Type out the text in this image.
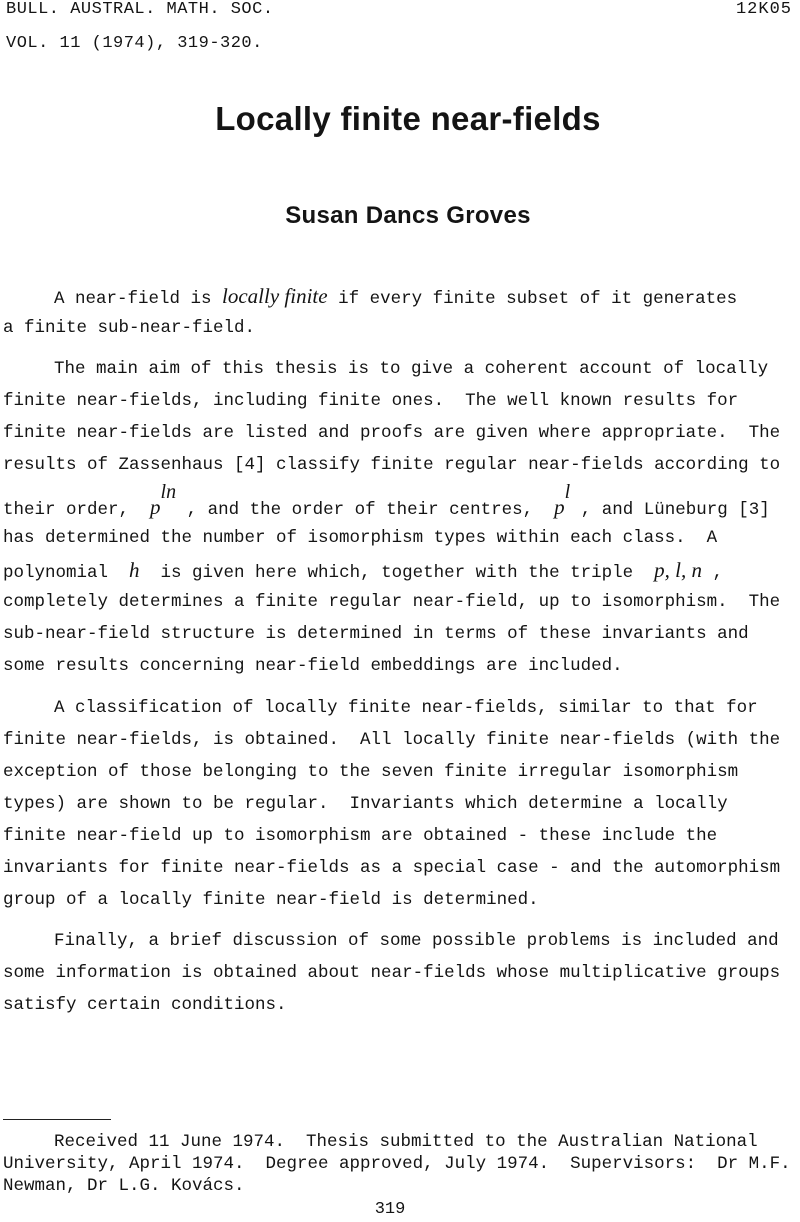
BULL. AUSTRAL. MATH. SOC.
VOL. 11 (1974), 319-320.
12K05
Locally finite near-fields
Susan Dancs Groves
A near-field is locally finite if every finite subset of it generates
a finite sub-near-field.
The main aim of this thesis is to give a coherent account of locally
finite near-fields, including finite ones.  The well known results for
finite near-fields are listed and proofs are given where appropriate.  The
results of Zassenhaus [4] classify finite regular near-fields according to
their order,  pln , and the order of their centres,  pl , and Lüneburg [3]
has determined the number of isomorphism types within each class.  A
polynomial  h  is given here which, together with the triple  p, l, n ,
completely determines a finite regular near-field, up to isomorphism.  The
sub-near-field structure is determined in terms of these invariants and
some results concerning near-field embeddings are included.
A classification of locally finite near-fields, similar to that for
finite near-fields, is obtained.  All locally finite near-fields (with the
exception of those belonging to the seven finite irregular isomorphism
types) are shown to be regular.  Invariants which determine a locally
finite near-field up to isomorphism are obtained - these include the
invariants for finite near-fields as a special case - and the automorphism
group of a locally finite near-field is determined.
Finally, a brief discussion of some possible problems is included and
some information is obtained about near-fields whose multiplicative groups
satisfy certain conditions.
Received 11 June 1974.  Thesis submitted to the Australian National
University, April 1974.  Degree approved, July 1974.  Supervisors:  Dr M.F.
Newman, Dr L.G. Kovács.
319
